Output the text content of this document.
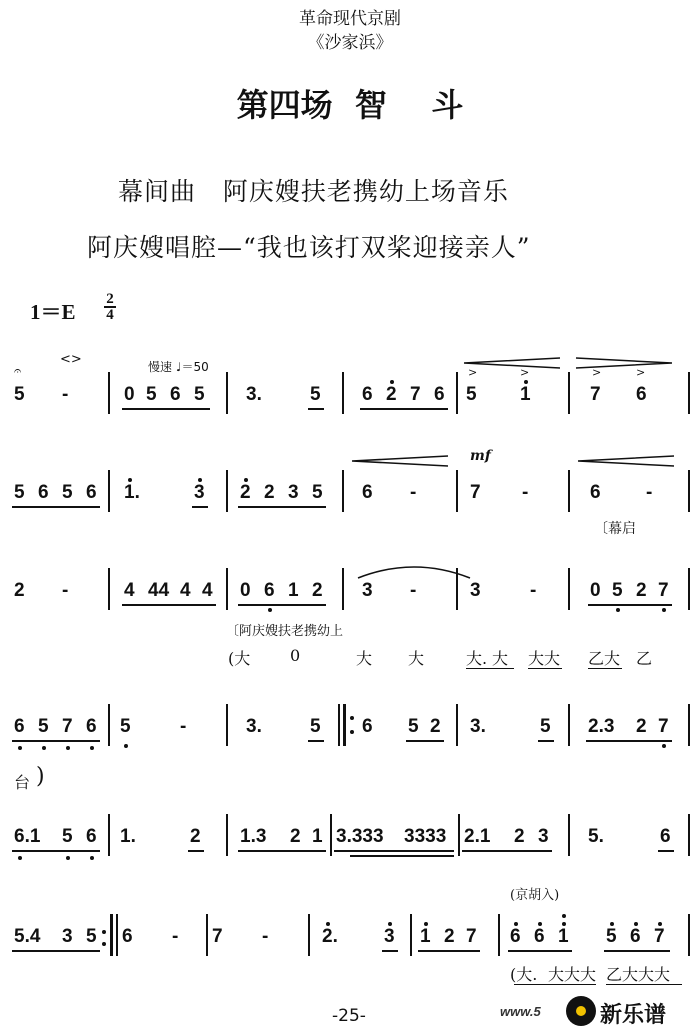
革命现代京剧
《沙家浜》
第四场  智    斗
幕间曲   阿庆嫂扶老携幼上场音乐
阿庆嫂唱腔—“我也该打双桨迎接亲人”
1＝E
2
4
<>	慢速 ♩＝50
𝄐
5 -	0 5 6 5 3.	5 6 2 7 6
>	>
5 1
>	>
7 6
mf
5 6 5 6 1.	3 2 2 3 5 6 -	7 -	6 -
〔幕启
2 -	4 44 4 4 0 6 1 2 3 -	3	-	0 5 2 7
〔阿庆嫂扶老携幼上
(大 0	大 大	大. 大 大大 乙大 乙
6 5 7 6 5	-	3.	5 6 5 2 3.	5 2.3 2 7
台 )
6.1 5 6 1.	2 1.3 2 1 3.333 3333 2.1 2 3 5.	6
(京胡入)
5.4 3 5 6 - 7 -	2. 3 1 2 7 6 6 1 5 6 7
(大. 大大大 乙大大大
-25-	www.5	新乐谱
